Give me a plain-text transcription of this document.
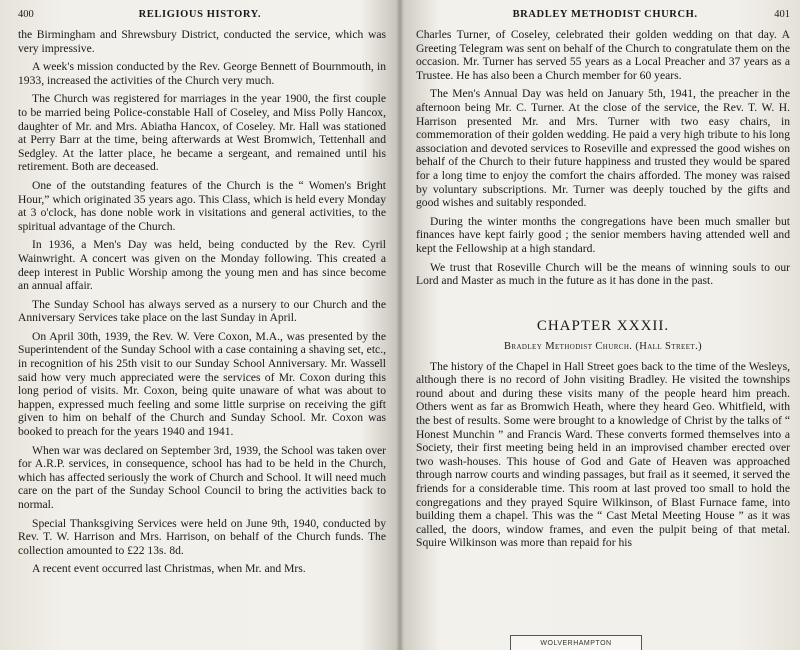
400	RELIGIOUS HISTORY.

the Birmingham and Shrewsbury District, conducted the service, which was very impressive.

A week's mission conducted by the Rev. George Bennett of Bournmouth, in 1933, increased the activities of the Church very much.

The Church was registered for marriages in the year 1900, the first couple to be married being Police-constable Hall of Coseley, and Miss Polly Hancox, daughter of Mr. and Mrs. Abiatha Hancox, of Coseley. Mr. Hall was stationed at Perry Barr at the time, being afterwards at West Bromwich, Tettenhall and Sedgley. At the latter place, he became a sergeant, and remained until his retirement. Both are deceased.

One of the outstanding features of the Church is the “ Women's Bright Hour,” which originated 35 years ago. This Class, which is held every Monday at 3 o'clock, has done noble work in visitations and general activities, to the spiritual advantage of the Church.

In 1936, a Men's Day was held, being conducted by the Rev. Cyril Wainwright. A concert was given on the Monday following. This created a deep interest in Public Worship among the young men and has since become an annual affair.

The Sunday School has always served as a nursery to our Church and the Anniversary Services take place on the last Sunday in April.

On April 30th, 1939, the Rev. W. Vere Coxon, M.A., was presented by the Superintendent of the Sunday School with a case containing a shaving set, etc., in recognition of his 25th visit to our Sunday School Anniversary. Mr. Wassell said how very much appreciated were the services of Mr. Coxon during this long period of visits. Mr. Coxon, being quite unaware of what was about to happen, expressed much feeling and some little surprise on receiving the gift given to him on behalf of the Church and Sunday School. Mr. Coxon was booked to preach for the years 1940 and 1941.

When war was declared on September 3rd, 1939, the School was taken over for A.R.P. services, in consequence, school has had to be held in the Church, which has affected seriously the work of Church and School. It will need much care on the part of the Sunday School Council to bring the activities back to normal.

Special Thanksgiving Services were held on June 9th, 1940, conducted by Rev. T. W. Harrison and Mrs. Harrison, on behalf of the Church funds. The collection amounted to £22 13s. 8d.

A recent event occurred last Christmas, when Mr. and Mrs.

BRADLEY METHODIST CHURCH.	401

Charles Turner, of Coseley, celebrated their golden wedding on that day. A Greeting Telegram was sent on behalf of the Church to congratulate them on the occasion. Mr. Turner has served 55 years as a Local Preacher and 37 years as a Trustee. He has also been a Church member for 60 years.

The Men's Annual Day was held on January 5th, 1941, the preacher in the afternoon being Mr. C. Turner. At the close of the service, the Rev. T. W. H. Harrison presented Mr. and Mrs. Turner with two easy chairs, in commemoration of their golden wedding. He paid a very high tribute to his long association and devoted services to Roseville and expressed the good wishes on behalf of the Church to their future happiness and trusted they would be spared for a long time to enjoy the comfort the chairs afforded. The money was raised by voluntary subscriptions. Mr. Turner was deeply touched by the gifts and good wishes and suitably responded.

During the winter months the congregations have been much smaller but finances have kept fairly good ; the senior members having attended well and kept the Fellowship at a high standard.

We trust that Roseville Church will be the means of winning souls to our Lord and Master as much in the future as it has done in the past.

CHAPTER XXXII.
Bradley Methodist Church. (Hall Street.)

The history of the Chapel in Hall Street goes back to the time of the Wesleys, although there is no record of John visiting Bradley. He visited the townships round about and during these visits many of the people heard him preach. Others went as far as Bromwich Heath, where they heard Geo. Whitfield, with the best of results. Some were brought to a knowledge of Christ by the talks of “ Honest Munchin ” and Francis Ward. These converts formed themselves into a Society, their first meeting being held in an improvised chamber erected over two wash-houses. This house of God and Gate of Heaven was approached through narrow courts and winding passages, but frail as it seemed, it served the friends for a considerable time. This room at last proved too small to hold the congregations and they prayed Squire Wilkinson, of Blast Furnace fame, into building them a chapel. This was the “ Cast Metal Meeting House ” as it was called, the doors, window frames, and even the pulpit being of that metal. Squire Wilkinson was more than repaid for his

WOLVERHAMPTON
